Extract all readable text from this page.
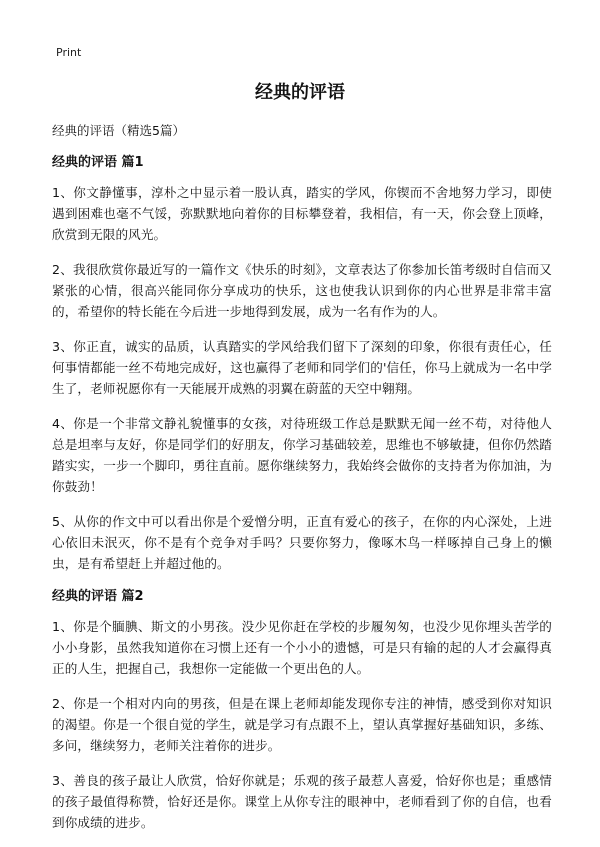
Print
经典的评语

经典的评语（精选5篇）

经典的评语 篇1

1、你文静懂事，淳朴之中显示着一股认真，踏实的学风，你锲而不舍地努力学习，即使遇到困难也毫不气馁，弥默默地向着你的目标攀登着，我相信，有一天，你会登上顶峰，欣赏到无限的风光。

2、我很欣赏你最近写的一篇作文《快乐的时刻》，文章表达了你参加长笛考级时自信而又紧张的心情，很高兴能同你分享成功的快乐，这也使我认识到你的内心世界是非常丰富的，希望你的特长能在今后进一步地得到发展，成为一名有作为的人。

3、你正直，诚实的品质，认真踏实的学风给我们留下了深刻的印象，你很有责任心，任何事情都能一丝不苟地完成好，这也赢得了老师和同学们的'信任，你马上就成为一名中学生了，老师祝愿你有一天能展开成熟的羽翼在蔚蓝的天空中翱翔。

4、你是一个非常文静礼貌懂事的女孩，对待班级工作总是默默无闻一丝不苟，对待他人总是坦率与友好，你是同学们的好朋友，你学习基础较差，思维也不够敏捷，但你仍然踏踏实实，一步一个脚印，勇往直前。愿你继续努力，我始终会做你的支持者为你加油，为你鼓劲！

5、从你的作文中可以看出你是个爱憎分明，正直有爱心的孩子，在你的内心深处，上进心依旧未泯灭，你不是有个竞争对手吗？只要你努力，像啄木鸟一样啄掉自己身上的懒虫，是有希望赶上并超过他的。

经典的评语 篇2

1、你是个腼腆、斯文的小男孩。没少见你赶在学校的步履匆匆，也没少见你埋头苦学的小小身影，虽然我知道你在习惯上还有一个小小的遗憾，可是只有输的起的人才会赢得真正的人生，把握自己，我想你一定能做一个更出色的人。

2、你是一个相对内向的男孩，但是在课上老师却能发现你专注的神情，感受到你对知识的渴望。你是一个很自觉的学生，就是学习有点跟不上，望认真掌握好基础知识，多练、多问，继续努力，老师关注着你的进步。

3、善良的孩子最让人欣赏，恰好你就是；乐观的孩子最惹人喜爱，恰好你也是；重感情的孩子最值得称赞，恰好还是你。课堂上从你专注的眼神中，老师看到了你的自信，也看到你成绩的进步。
